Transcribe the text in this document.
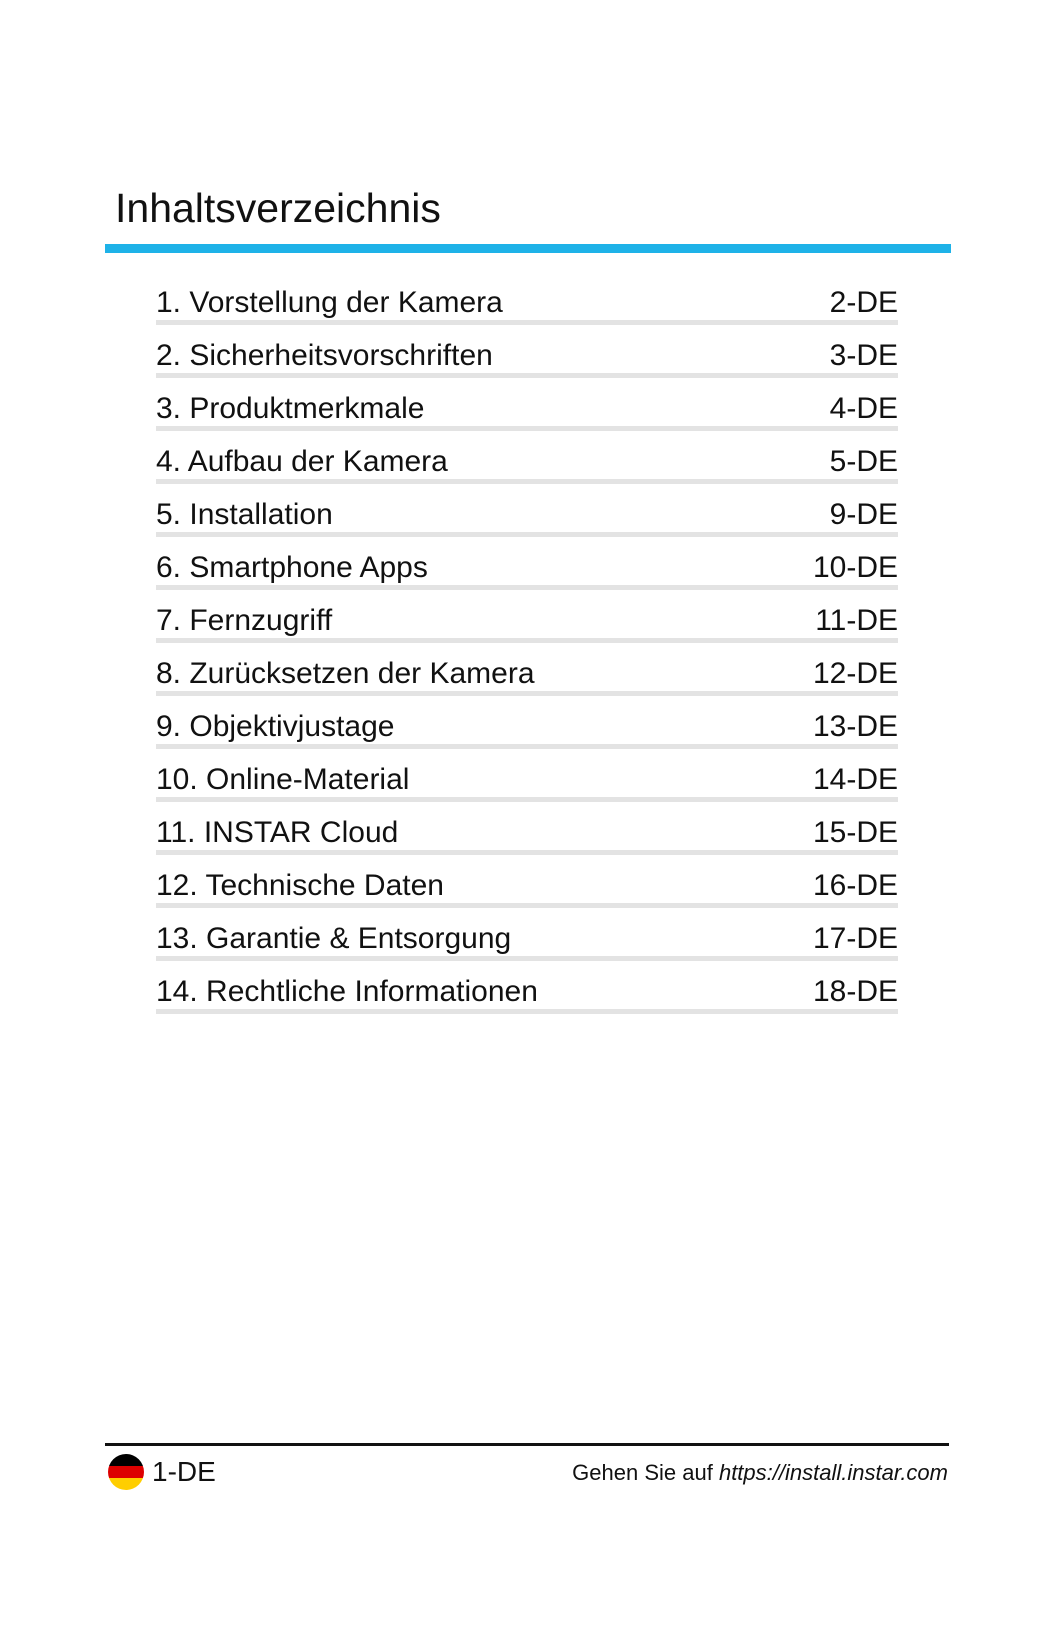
Inhaltsverzeichnis
1. Vorstellung der Kamera	2-DE
2. Sicherheitsvorschriften	3-DE
3. Produktmerkmale	4-DE
4. Aufbau der Kamera	5-DE
5. Installation	9-DE
6. Smartphone Apps	10-DE
7. Fernzugriff	11-DE
8. Zurücksetzen der Kamera	12-DE
9. Objektivjustage	13-DE
10. Online-Material	14-DE
11. INSTAR Cloud	15-DE
12. Technische Daten	16-DE
13. Garantie & Entsorgung	17-DE
14. Rechtliche Informationen	18-DE
1-DE	Gehen Sie auf https://install.instar.com
